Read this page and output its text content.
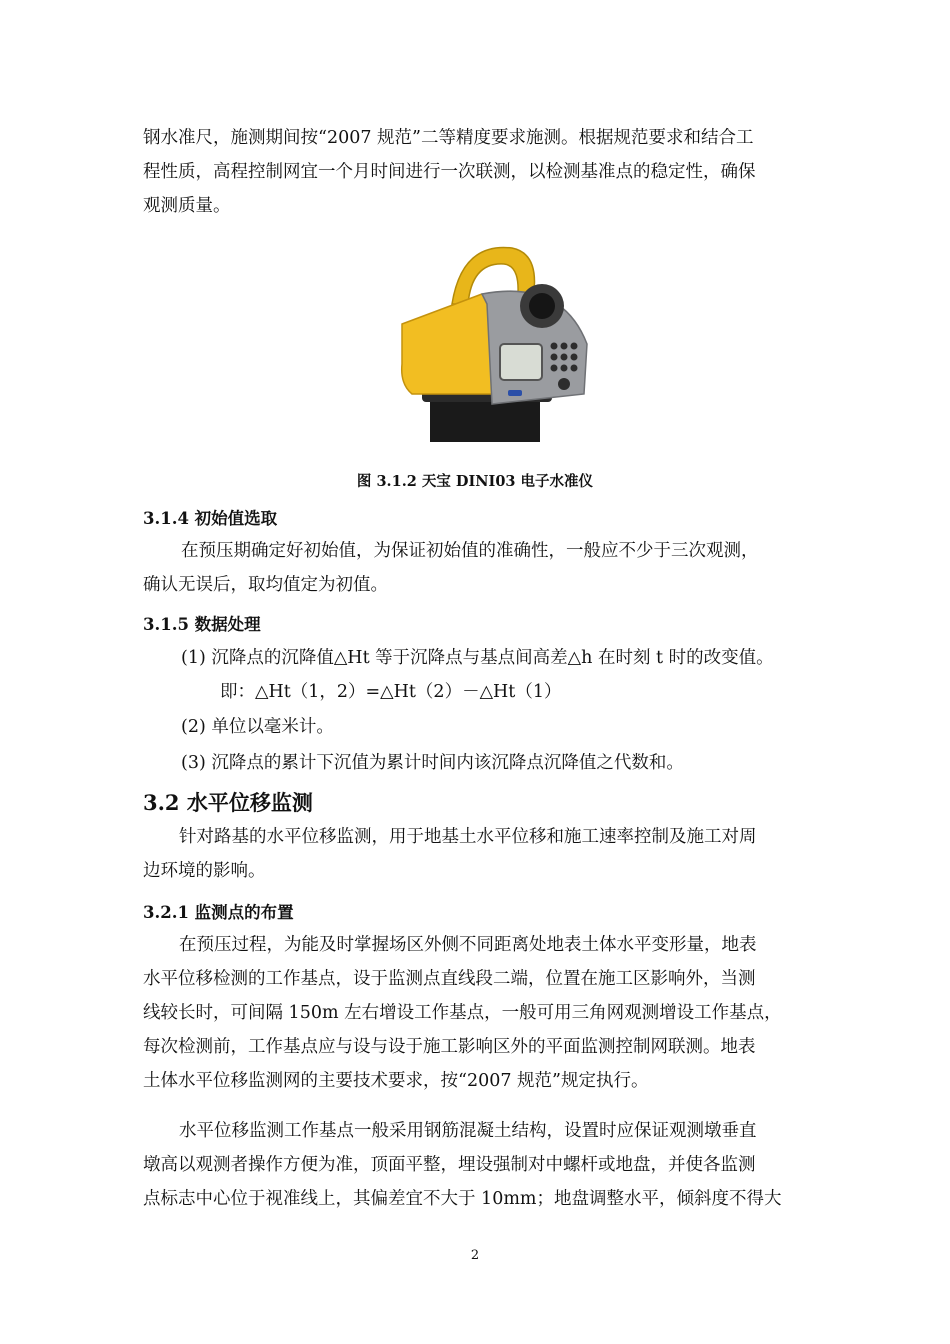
钢水准尺，施测期间按“2007 规范”二等精度要求施测。根据规范要求和结合工
程性质，高程控制网宜一个月时间进行一次联测，以检测基准点的稳定性，确保
观测质量。

图 3.1.2 天宝 DINI03 电子水准仪

3.1.4 初始值选取

在预压期确定好初始值，为保证初始值的准确性，一般应不少于三次观测，
确认无误后，取均值定为初值。

3.1.5 数据处理

(1) 沉降点的沉降值△Ht 等于沉降点与基点间高差△h 在时刻 t 时的改变值。

即：△Ht（1，2）=△Ht（2）－△Ht（1）

(2) 单位以毫米计。

(3) 沉降点的累计下沉值为累计时间内该沉降点沉降值之代数和。

3.2 水平位移监测

针对路基的水平位移监测，用于地基土水平位移和施工速率控制及施工对周
边环境的影响。

3.2.1 监测点的布置

在预压过程，为能及时掌握场区外侧不同距离处地表土体水平变形量，地表
水平位移检测的工作基点，设于监测点直线段二端，位置在施工区影响外，当测
线较长时，可间隔 150m 左右增设工作基点，一般可用三角网观测增设工作基点，
每次检测前，工作基点应与设与设于施工影响区外的平面监测控制网联测。地表
土体水平位移监测网的主要技术要求，按“2007 规范”规定执行。

水平位移监测工作基点一般采用钢筋混凝土结构，设置时应保证观测墩垂直
墩高以观测者操作方便为准，顶面平整，埋设强制对中螺杆或地盘，并使各监测
点标志中心位于视准线上，其偏差宜不大于 10mm；地盘调整水平，倾斜度不得大

2
